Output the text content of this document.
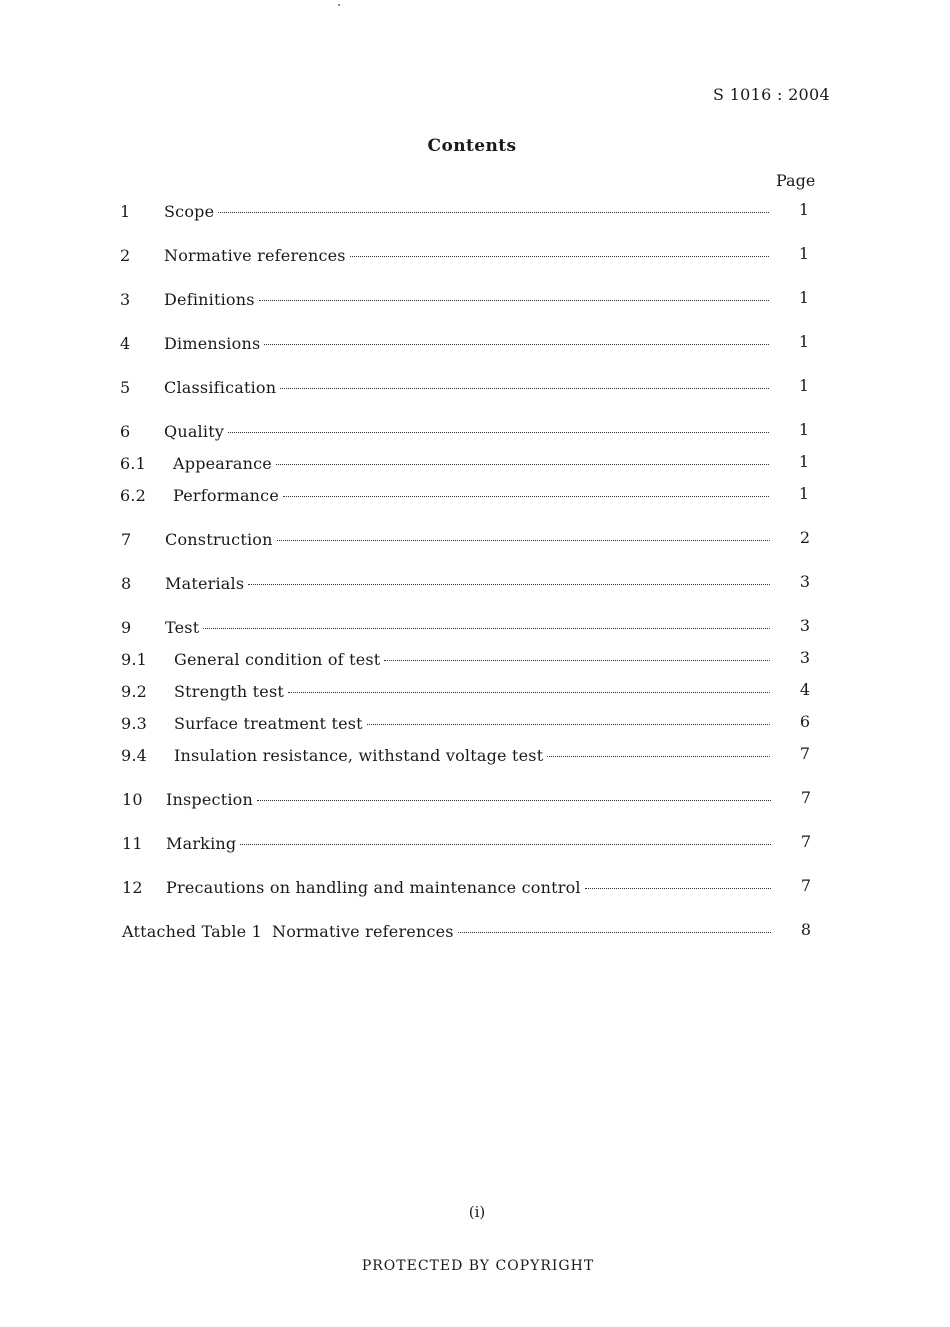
S 1016 : 2004
Contents
Page
1	Scope	1
2	Normative references	1
3	Definitions	1
4	Dimensions	1
5	Classification	1
6	Quality	1
6.1	Appearance	1
6.2	Performance	1
7	Construction	2
8	Materials	3
9	Test	3
9.1	General condition of test	3
9.2	Strength test	4
9.3	Surface treatment test	6
9.4	Insulation resistance, withstand voltage test	7
10	Inspection	7
11	Marking	7
12	Precautions on handling and maintenance control	7
Attached Table 1 Normative references	8
(i)
PROTECTED BY COPYRIGHT
